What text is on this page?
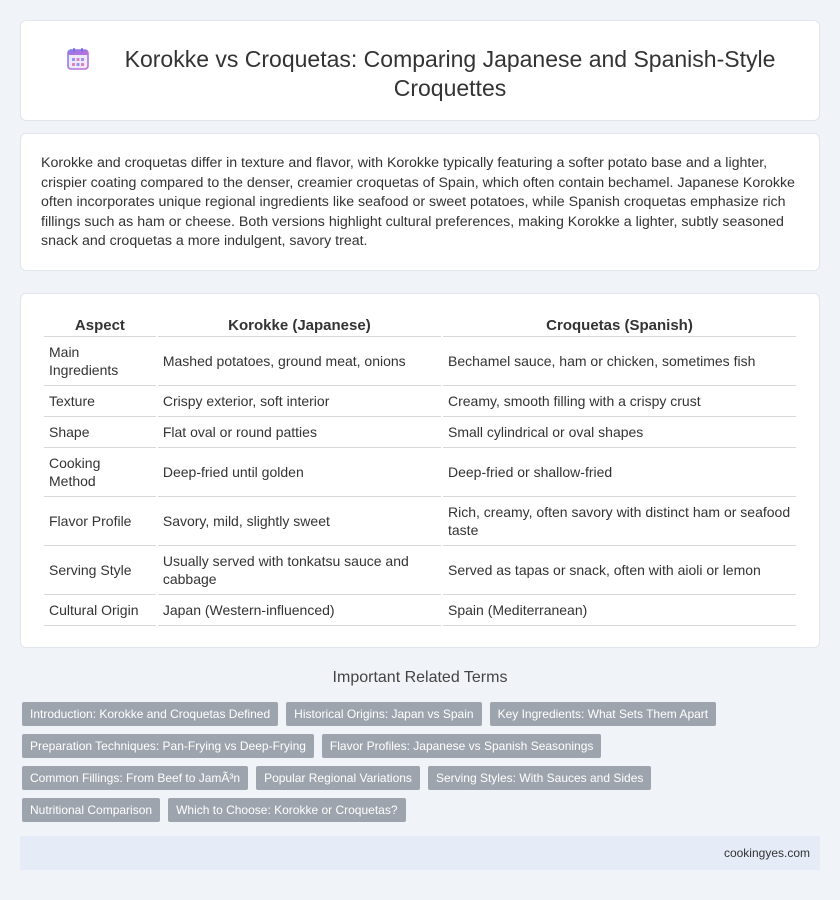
Korokke vs Croquetas: Comparing Japanese and Spanish-Style Croquettes

Korokke and croquetas differ in texture and flavor, with Korokke typically featuring a softer potato base and a lighter, crispier coating compared to the denser, creamier croquetas of Spain, which often contain bechamel. Japanese Korokke often incorporates unique regional ingredients like seafood or sweet potatoes, while Spanish croquetas emphasize rich fillings such as ham or cheese. Both versions highlight cultural preferences, making Korokke a lighter, subtly seasoned snack and croquetas a more indulgent, savory treat.

Aspect	Korokke (Japanese)	Croquetas (Spanish)
Main Ingredients	Mashed potatoes, ground meat, onions	Bechamel sauce, ham or chicken, sometimes fish
Texture	Crispy exterior, soft interior	Creamy, smooth filling with a crispy crust
Shape	Flat oval or round patties	Small cylindrical or oval shapes
Cooking Method	Deep-fried until golden	Deep-fried or shallow-fried
Flavor Profile	Savory, mild, slightly sweet	Rich, creamy, often savory with distinct ham or seafood taste
Serving Style	Usually served with tonkatsu sauce and cabbage	Served as tapas or snack, often with aioli or lemon
Cultural Origin	Japan (Western-influenced)	Spain (Mediterranean)
Important Related Terms
Introduction: Korokke and Croquetas Defined	Historical Origins: Japan vs Spain	Key Ingredients: What Sets Them Apart
Preparation Techniques: Pan-Frying vs Deep-Frying	Flavor Profiles: Japanese vs Spanish Seasonings
Common Fillings: From Beef to JamÃ³n	Popular Regional Variations	Serving Styles: With Sauces and Sides
Nutritional Comparison	Which to Choose: Korokke or Croquetas?
cookingyes.com
